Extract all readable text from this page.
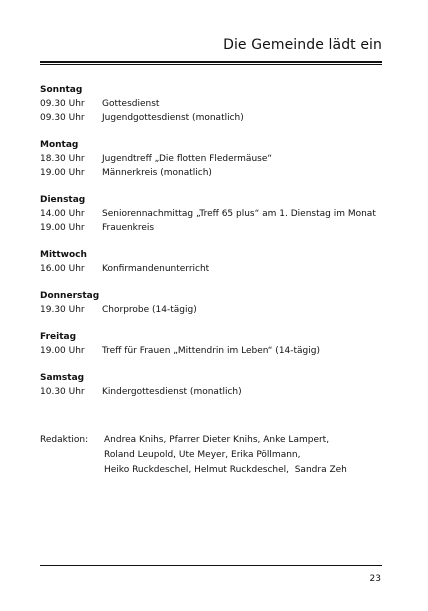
Die Gemeinde lädt ein
Sonntag
09.30 Uhr	Gottesdienst
09.30 Uhr	Jugendgottesdienst (monatlich)
Montag
18.30 Uhr	Jugendtreff „Die flotten Fledermäuse“
19.00 Uhr	Männerkreis (monatlich)
Dienstag
14.00 Uhr	Seniorennachmittag „Treff 65 plus“ am 1. Dienstag im Monat
19.00 Uhr	Frauenkreis
Mittwoch
16.00 Uhr	Konfirmandenunterricht
Donnerstag
19.30 Uhr	Chorprobe (14-tägig)
Freitag
19.00 Uhr	Treff für Frauen „Mittendrin im Leben“ (14-tägig)
Samstag
10.30 Uhr	Kindergottesdienst (monatlich)
Redaktion:	Andrea Knihs, Pfarrer Dieter Knihs, Anke Lampert,
Roland Leupold, Ute Meyer, Erika Pöllmann,
Heiko Ruckdeschel, Helmut Ruckdeschel,  Sandra Zeh
23
